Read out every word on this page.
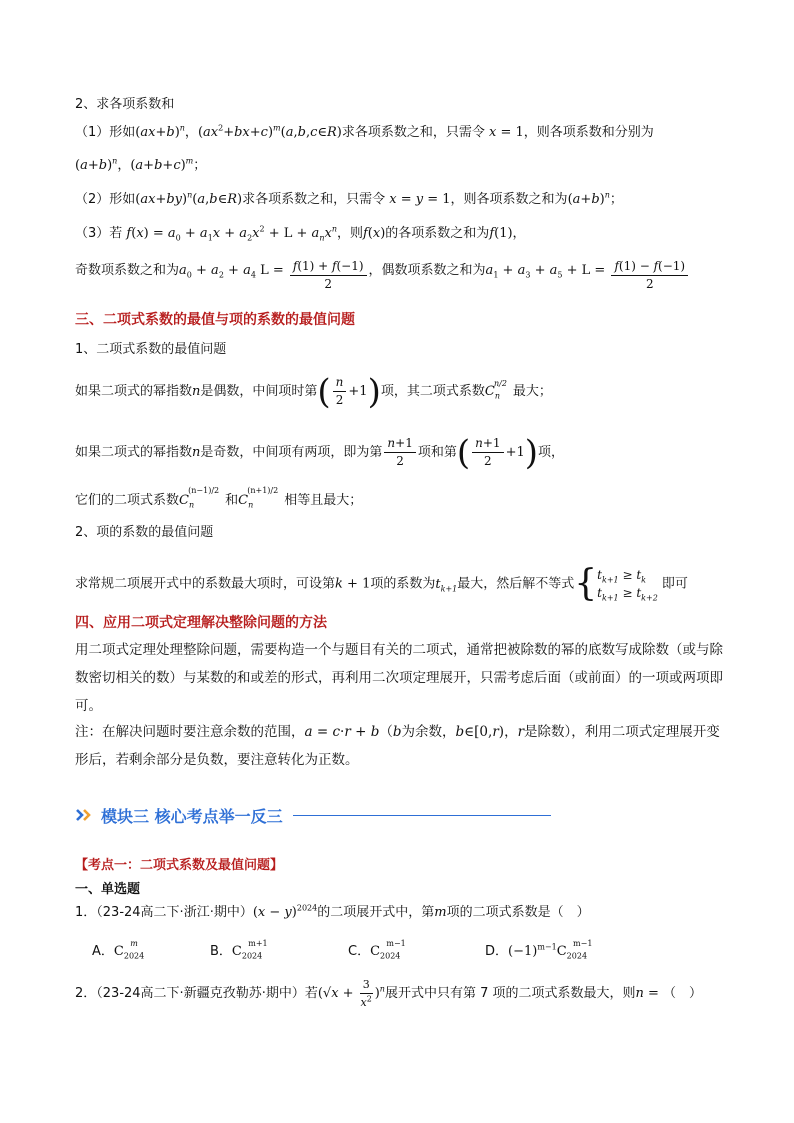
2、求各项系数和
（1）形如$(ax+b)^n$，$(ax^2+bx+c)^m(a,b,c\in R)$求各项系数之和，只需令 x = 1，则各项系数和分别为
$(a+b)^n$，$(a+b+c)^m$；
（2）形如$(ax+by)^n(a,b\in R)$求各项系数之和，只需令 x = y = 1，则各项系数之和为$(a+b)^n$；
（3）若 $f(x) = a_0 + a_1x + a_2x^2 + L + a_nx^n$，则f(x)的各项系数之和为f(1)，
奇数项系数之和为$a_0 + a_2 + a_4$ $L = \frac{f(1) + f(-1)}{2}$ ，偶数项系数之和为$a_1 + a_3 + a_5 + L = \frac{f(1) - f(-1)}{2}$
三、二项式系数的最值与项的系数的最值问题
1、二项式系数的最值问题
如果二项式的幂指数n是偶数，中间项时第( $\frac{n}{2} +1$)项，其二项式系数$C_n^{n/2}$最大；
如果二项式的幂指数n是奇数，中间项有两项，即为第 $\frac{n+1}{2}$ 项和第( $\frac{n+1}{2} +1$)项，
它们的二项式系数$C_n^{(n-1)/2}$和$C_n^{(n+1)/2}$相等且最大；
2、项的系数的最值问题
求常规二项展开式中的系数最大项时，可设第k + 1项的系数为$t_{k+1}$最大，然后解不等式{ $t_{k+1} \ge t_k$
$t_{k+1} \ge t_{k+2}$
即可
四、应用二项式定理解决整除问题的方法
用二项式定理处理整除问题，需要构造一个与题目有关的二项式，通常把被除数的幂的底数写成除数（或与除数密切相关的数）与某数的和或差的形式，再利用二次项定理展开，只需考虑后面（或前面）的一项或两项即可。
注：在解决问题时要注意余数的范围，a = c·r + b（b为余数，b∈[0,r)，r是除数），利用二项式定理展开变形后，若剩余部分是负数，要注意转化为正数。
模块三 核心考点举一反三
【考点一：二项式系数及最值问题】
一、单选题
1．（23-24高二下·浙江·期中）$(x - y)^{2024}$的二项展开式中，第m项的二项式系数是（　）
A．$C_{2024}^m$
B．$C_{2024}^{m+1}$
C．$C_{2024}^{m-1}$
D．$(-1)^{m-1}C_{2024}^{m-1}$
2．（23-24高二下·新疆克孜勒苏·期中）若$(√x + \frac{3}{x^2} )^n$展开式中只有第 7 项的二项式系数最大，则n = （　）
